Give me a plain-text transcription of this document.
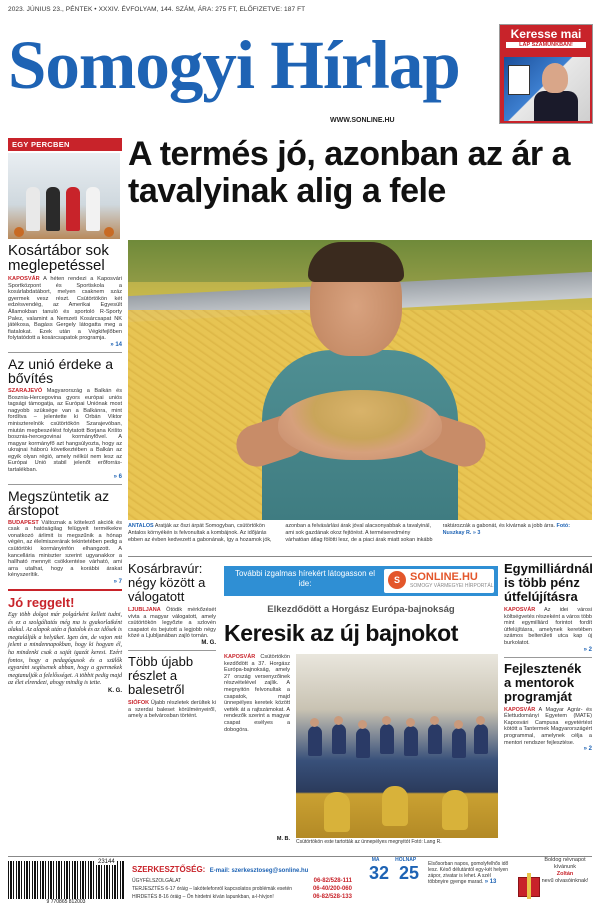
2023. JÚNIUS 23., PÉNTEK • XXXIV. ÉVFOLYAM, 144. SZÁM, ÁRA: 275 FT, ELŐFIZETVE: 187 FT
Somogyi Hírlap
WWW.SONLINE.HU
Keresse mai
LAP SZÁMUNKBAN!
A termés jó, azonban az ár a tavalyinak alig a fele
EGY PERCBEN
Kosártábor sok meglepetéssel
KAPOSVÁR A héten rendezi a Kaposvári Sportközpont és Sportiskola a kosárlabdatábort, melyen csaknem száz gyermek vesz részt. Csütörtökön két edzésvendég, az Amerikai Egyesült Államokban tanuló és sportoló R-Sporty Palez, valamint a Nemzeti Kosárcsapat NK játékosa, Bagáss Gergely látogatta meg a fiatalokat. Ezek után a Végkifejlőben folytatódott a kosárcsapatok programja.
» 14
Az unió érdeke a bővítés
SZARAJEVÓ Magyarország a Balkán és Bosznia-Hercegovina gyors európai uniós tagsági támogatja, az Európai Uniónak most nagyobb szüksége van a Balkánra, mint fordítva – jelentette ki Orbán Viktor miniszterelnök csütörtökön Szarajevóban, miután megbeszélést folytatott Borjana Krišto bosznia-hercegovinai kormányfővel. A magyar kormányfő azt hangsúlyozta, hogy az ukrajnai háború következtében a Balkán az egyik olyan régió, amely nélkül nem lesz az Európai Unió stabil jelenőt erőforrás-tartalékban.
» 6
Megszüntetik az árstopot
BUDAPEST Változnak a kötelező akciók és csak a hatóságilag felügyelt termékekre vonatkozó árlimit is megszűnik a hónap végén, az élelmiszerárak tekintetében pedig a csütörtöki kormányinfón elhangzott. A kancellária miniszter szerint ugyanakkor a hallható mennyit csökkentése várható, ami arra utalhat, hogy a korábbi árakat kényszerítik.
» 7
Jó reggelt!
Egy több dolgot már polgárként kellett tudni, és ez a szolgáltatás még ma is gyakorlatként alakul. Az alapok után a fiatalok és az idősek is megtalálják a helyüket. Igen ám, de vajon mit jelent a mindennapokban, hogy ki hogyan él, ha mindenki csak a saját igazát keresi. Ezért fontos, hogy a pedagógusok és a szülők egyaránt segítsenek abban, hogy a gyermekek megtanulják a felelősséget. A többit pedig majd az élet elrendezi, ahogy mindig is tette.
K. G.
ANTALOS Aratják az őszi árpát Somogyban, csütörtökön Antalos környékén is felvonultak a kombájnok. Az időjárás ebben az évben kedvezett a gabonának, így a hozamok jók, azonban a felvásárlási árak jóval alacsonyabbak a tavalyinál, ami sok gazdának okoz fejtörést. A terméseredmény várhatóan átlag fölötti lesz, de a piaci árak miatt sokan inkább raktározzák a gabonát, és kivárnak a jobb árra. Fotó: Nuszkay R. » 3
Kosárbravúr: négy között a válogatott
LJUBLJANA Ötödik mérkőzését vívta a magyar válogatott, amely csütörtökön legyőzte a szlovén csapatot és bejutott a legjobb négy közé a Ljubljanában zajló tornán.
M. G.
Több újabb részlet a balesetről
SIÓFOK Újabb részletek derültek ki a szerdai baleset körülményeiről, amely a belvárosban történt.
További izgalmas hírekért látogasson el ide:	S SONLINE.HU
SOMOGY VÁRMEGYEI HÍRPORTÁL
Elkezdődött a Horgász Európa-bajnokság
Keresik az új bajnokot
KAPOSVÁR Csütörtökön kezdődött a 37. Horgász Európa-bajnokság, amely 27 ország versenyzőinek részvételével zajlik. A megnyitón felvonultak a csapatok, majd ünnepélyes keretek között vették át a rajtszámokat. A rendezők szerint a magyar csapat esélyes a dobogóra.
M. B. Csütörtökön este tartották az ünnepélyes megnyitót Fotó: Lang R.
Egymilliárdnál is több pénz útfelújításra
KAPOSVÁR Az idei városi költségvetés részeként a város több mint egymilliárd forintot fordít útfelújításra, amelynek keretében számos belterületi utca kap új burkolatot.
» 2
Fejlesztenék a mentorok programját
KAPOSVÁR A Magyar Agrár- és Élettudományi Egyetem (MATE) Kaposvári Campusa egyetértést kötött a Tantermek Magyarországért programmal, amelynek célja a mentori rendszer fejlesztése.
» 2
23144
9 770865 812003
SZERKESZTŐSÉG: E-mail: szerkesztoseg@sonline.hu
ÜGYFÉLSZOLGÁLAT	06-82/528-111
TERJESZTÉS 6-17 óráig – lakótelefonról kapcsolatos problémák esetén	06-40/200-060
HIRDETÉS 8-16 óráig – Ön hirdetni kíván lapunkban, a-l-hívjon!	06-82/528-133
MA	HOLNAP
32 25 Elsősorban napos, gomolyfelhős idő lesz. Késő délutántól egy-két helyen zápor, zivatar is lehet. A szél többnyire gyenge marad. » 13
Boldog névnapot
kívánunk
Zoltán
nevű olvasóinknak!
